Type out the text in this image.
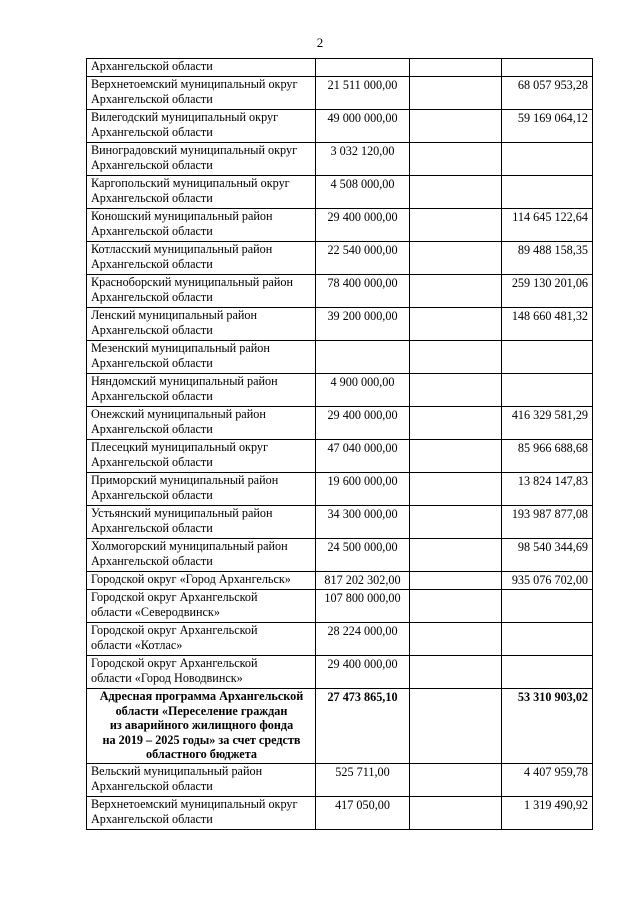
2
Архангельской области			

Верхнетоемский муниципальный округ
Архангельской области	21 511 000,00		68 057 953,28

Вилегодский муниципальный округ
Архангельской области	49 000 000,00		59 169 064,12

Виноградовский муниципальный округ
Архангельской области	3 032 120,00		

Каргопольский муниципальный округ
Архангельской области	4 508 000,00		

Коношский муниципальный район
Архангельской области	29 400 000,00		114 645 122,64

Котласский муниципальный район
Архангельской области	22 540 000,00		89 488 158,35

Красноборский муниципальный район
Архангельской области	78 400 000,00		259 130 201,06

Ленский муниципальный район
Архангельской области	39 200 000,00		148 660 481,32

Мезенский муниципальный район
Архангельской области			

Няндомский муниципальный район
Архангельской области	4 900 000,00		

Онежский муниципальный район
Архангельской области	29 400 000,00		416 329 581,29

Плесецкий муниципальный округ
Архангельской области	47 040 000,00		85 966 688,68

Приморский муниципальный район
Архангельской области	19 600 000,00		13 824 147,83

Устьянский муниципальный район
Архангельской области	34 300 000,00		193 987 877,08

Холмогорский муниципальный район
Архангельской области	24 500 000,00		98 540 344,69

Городской округ «Город Архангельск»	817 202 302,00		935 076 702,00

Городской округ Архангельской
области «Северодвинск»	107 800 000,00		

Городской округ Архангельской
области «Котлас»	28 224 000,00		

Городской округ Архангельской
области «Город Новодвинск»	29 400 000,00		

Адресная программа Архангельской
области «Переселение граждан
из аварийного жилищного фонда
на 2019 – 2025 годы» за счет средств
областного бюджета	27 473 865,10		53 310 903,02

Вельский муниципальный район
Архангельской области	525 711,00		4 407 959,78

Верхнетоемский муниципальный округ
Архангельской области	417 050,00		1 319 490,92
